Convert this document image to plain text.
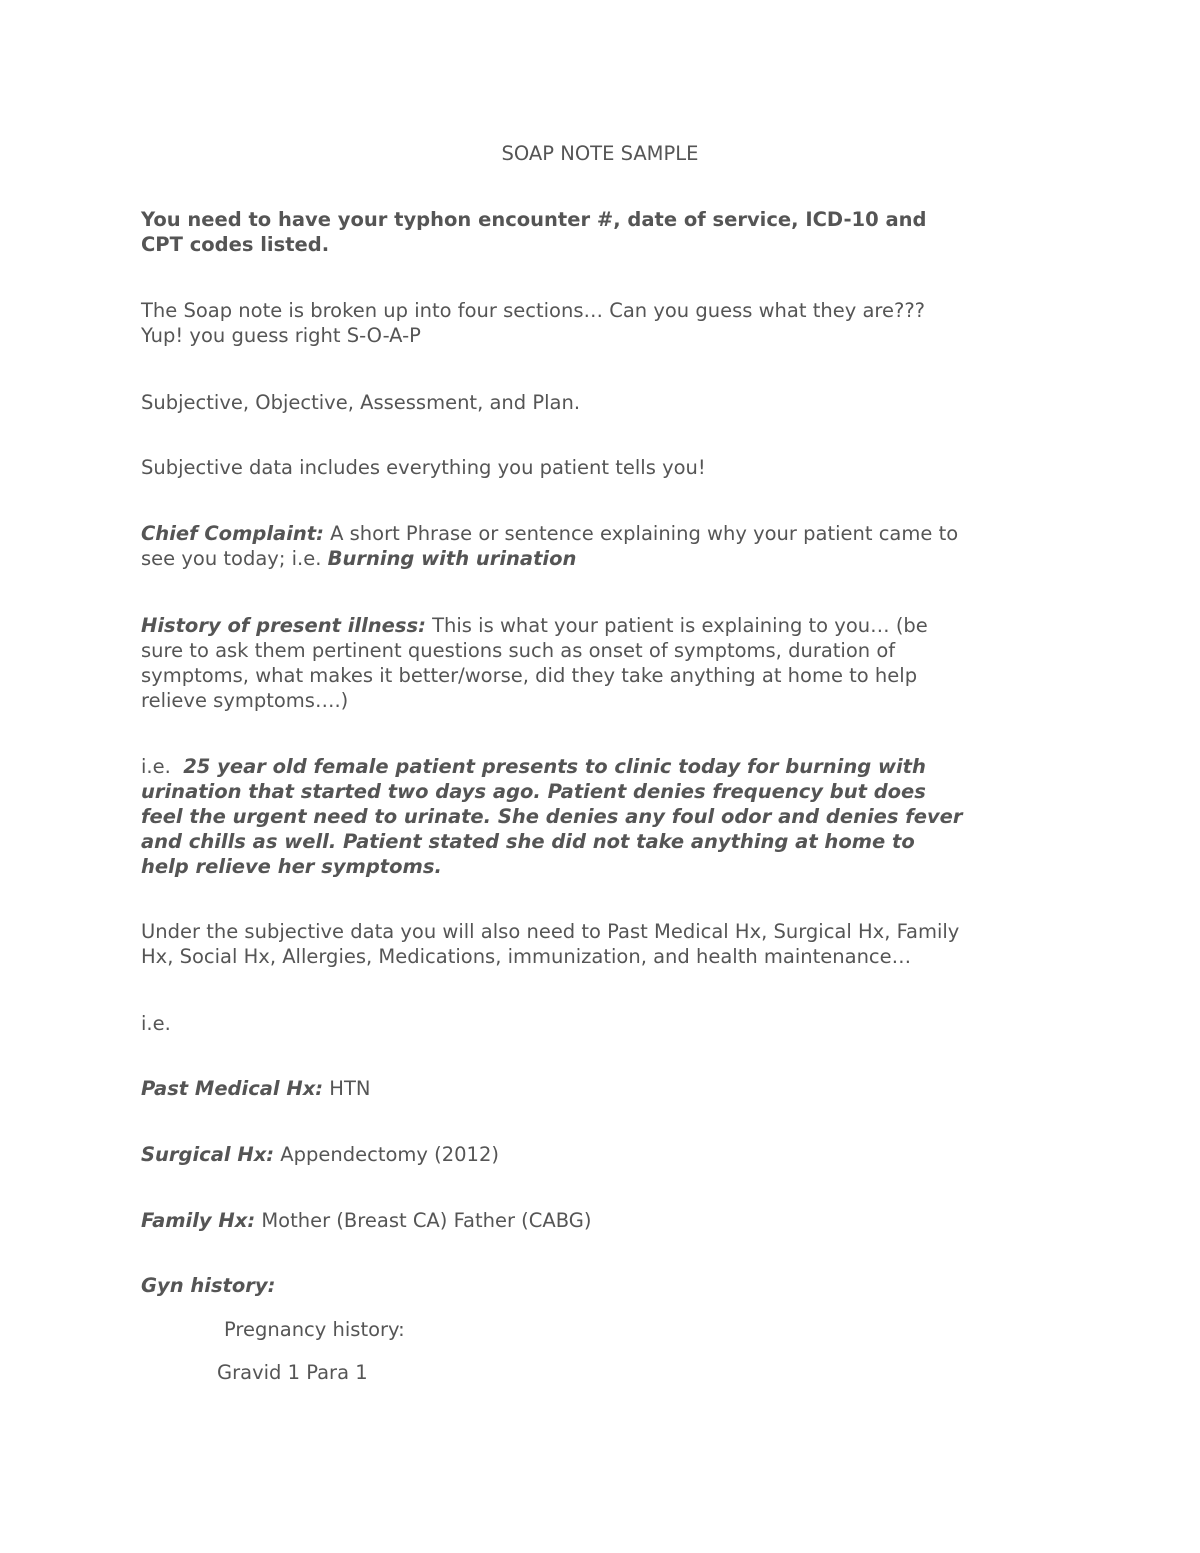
SOAP NOTE SAMPLE
You need to have your typhon encounter #, date of service, ICD-10 and
CPT codes listed.
The Soap note is broken up into four sections… Can you guess what they are???
Yup! you guess right S-O-A-P
Subjective, Objective, Assessment, and Plan.
Subjective data includes everything you patient tells you!
Chief Complaint: A short Phrase or sentence explaining why your patient came to
see you today; i.e. Burning with urination
History of present illness: This is what your patient is explaining to you… (be
sure to ask them pertinent questions such as onset of symptoms, duration of
symptoms, what makes it better/worse, did they take anything at home to help
relieve symptoms….)
i.e.  25 year old female patient presents to clinic today for burning with
urination that started two days ago. Patient denies frequency but does
feel the urgent need to urinate. She denies any foul odor and denies fever
and chills as well. Patient stated she did not take anything at home to
help relieve her symptoms.
Under the subjective data you will also need to Past Medical Hx, Surgical Hx, Family
Hx, Social Hx, Allergies, Medications, immunization, and health maintenance…
i.e.
Past Medical Hx: HTN
Surgical Hx: Appendectomy (2012)
Family Hx: Mother (Breast CA) Father (CABG)
Gyn history:
Pregnancy history:
Gravid 1 Para 1
